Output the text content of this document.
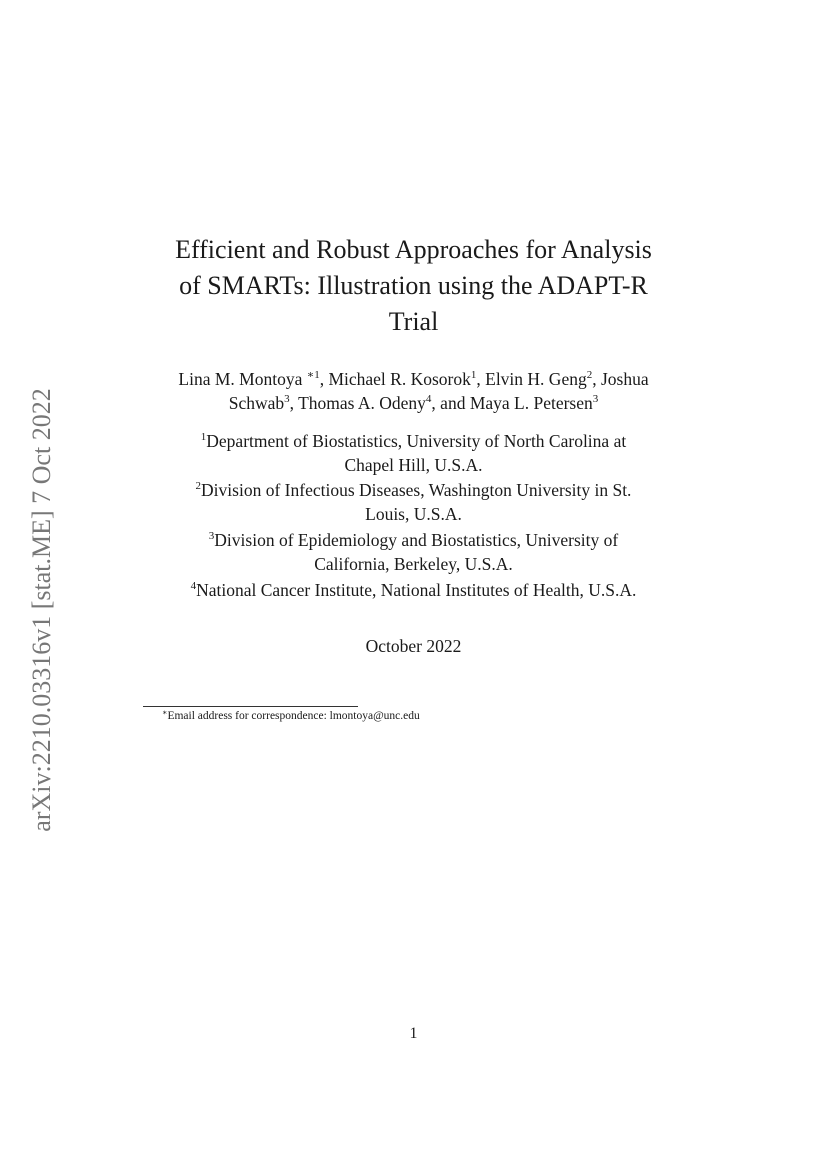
arXiv:2210.03316v1 [stat.ME] 7 Oct 2022
Efficient and Robust Approaches for Analysis
of SMARTs: Illustration using the ADAPT-R
Trial
Lina M. Montoya $^{∗1}$, Michael R. Kosorok$^1$, Elvin H. Geng$^2$, Joshua
Schwab$^3$, Thomas A. Odeny$^4$, and Maya L. Petersen$^3$
$^1$Department of Biostatistics, University of North Carolina at
Chapel Hill, U.S.A.
$^2$Division of Infectious Diseases, Washington University in St.
Louis, U.S.A.
$^3$Division of Epidemiology and Biostatistics, University of
California, Berkeley, U.S.A.
$^4$National Cancer Institute, National Institutes of Health, U.S.A.
October 2022
∗Email address for correspondence: lmontoya@unc.edu
1
